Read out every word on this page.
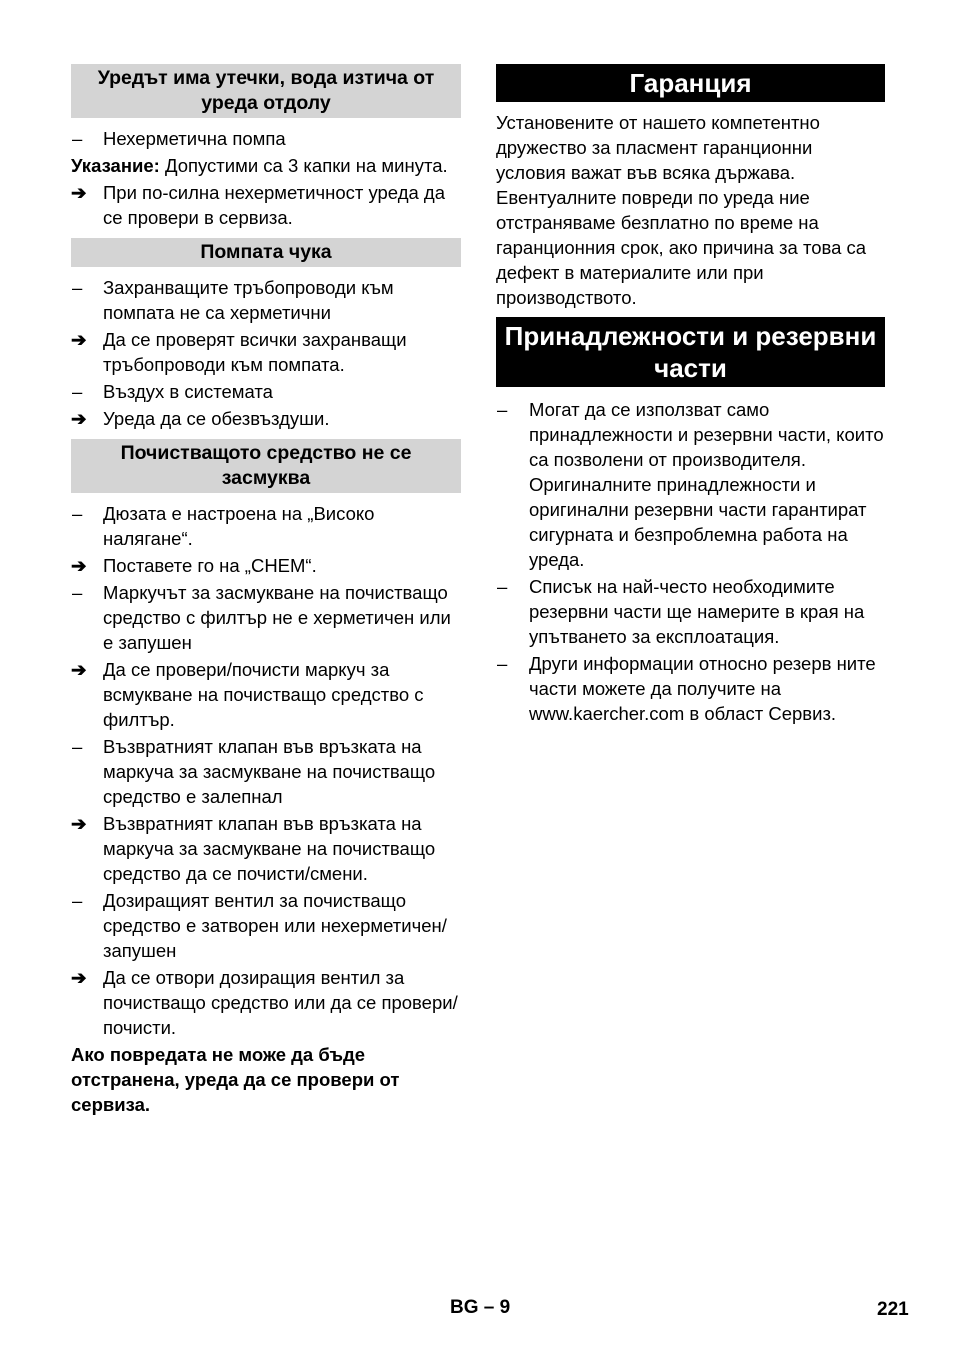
Уредът има утечки, вода изтича от уреда отдолу
–	Нехерметична помпа
Указание: Допустими са 3 капки на минута.
➔ При по-силна нехерметичност уреда да се провери в сервиза.
Помпата чука
–	Захранващите тръбопроводи към помпата не са херметични
➔ Да се проверят всички захранващи тръбопроводи към помпата.
–	Въздух в системата
➔ Уреда да се обезвъздуши.
Почистващото средство не се засмуква
–	Дюзата е настроена на „Високо налягане“.
➔ Поставете го на „CHEM“.
–	Маркучът за засмукване на почистващо средство с филтър не е херметичен или е запушен
➔ Да се провери/почисти маркуч за всмукване на почистващо средство с филтър.
–	Възвратният клапан във връзката на маркуча за засмукване на почистващо средство е залепнал
➔ Възвратният клапан във връзката на маркуча за засмукване на почистващо средство да се почисти/смени.
–	Дозиращият вентил за почистващо средство е затворен или нехерметичен/запушен
➔ Да се отвори дозиращия вентил за почистващо средство или да се провери/почисти.
Ако повредата не може да бъде отстранена, уреда да се провери от сервиза.
Гаранция
Установените от нашето компетентно дружество за пласмент гаранционни условия важат във всяка държава. Евентуалните повреди по уреда ние отстраняваме безплатно по време на гаранционния срок, ако причина за това са дефект в материалите или при производството.
Принадлежности и резервни части
–	Могат да се използват само принадлежности и резервни части, които са позволени от производителя. Оригиналните принадлежности и оригинални резервни части гарантират сигурната и безпроблемна работа на уреда.
–	Списък на най-често необходимите резервни части ще намерите в края на упътването за експлоатация.
–	Други информации относно резерв ните части можете да получите на www.kaercher.com в област Сервиз.
BG – 9	221
